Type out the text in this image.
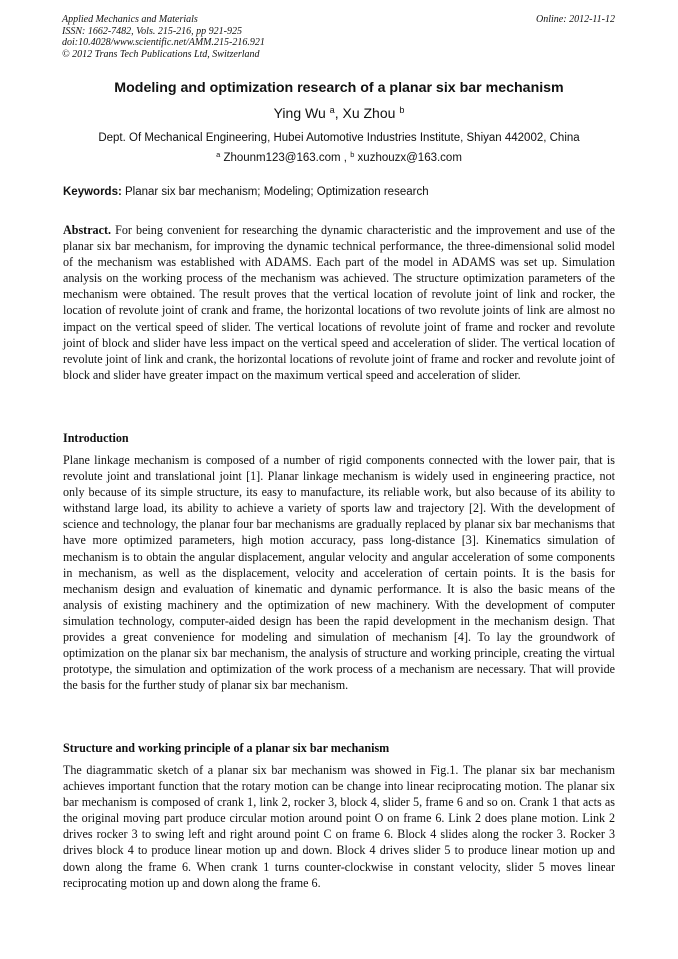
Applied Mechanics and Materials
ISSN: 1662-7482, Vols. 215-216, pp 921-925
doi:10.4028/www.scientific.net/AMM.215-216.921
© 2012 Trans Tech Publications Ltd, Switzerland
Online: 2012-11-12
Modeling and optimization research of a planar six bar mechanism
Ying Wu $^a$, Xu Zhou $^b$
Dept. Of Mechanical Engineering, Hubei Automotive Industries Institute, Shiyan 442002, China
$^a$ Zhounm123@163.com , $^b$ xuzhouzx@163.com
Keywords: Planar six bar mechanism; Modeling; Optimization research

Abstract. For being convenient for researching the dynamic characteristic and the improvement and use of the planar six bar mechanism, for improving the dynamic technical performance, the three-dimensional solid model of the mechanism was established with ADAMS. Each part of the model in ADAMS was set up. Simulation analysis on the working process of the mechanism was achieved. The structure optimization parameters of the mechanism were obtained. The result proves that the vertical location of revolute joint of link and rocker, the location of revolute joint of crank and frame, the horizontal locations of two revolute joints of link are almost no impact on the vertical speed of slider. The vertical locations of revolute joint of frame and rocker and revolute joint of block and slider have less impact on the vertical speed and acceleration of slider. The vertical location of revolute joint of link and crank, the horizontal locations of revolute joint of frame and rocker and revolute joint of block and slider have greater impact on the maximum vertical speed and acceleration of slider.

Introduction

Plane linkage mechanism is composed of a number of rigid components connected with the lower pair, that is revolute joint and translational joint [1]. Planar linkage mechanism is widely used in engineering practice, not only because of its simple structure, its easy to manufacture, its reliable work, but also because of its ability to withstand large load, its ability to achieve a variety of sports law and trajectory [2]. With the development of science and technology, the planar four bar mechanisms are gradually replaced by planar six bar mechanisms that have more optimized parameters, high motion accuracy, pass long-distance [3]. Kinematics simulation of mechanism is to obtain the angular displacement, angular velocity and angular acceleration of some components in mechanism, as well as the displacement, velocity and acceleration of certain points. It is the basis for mechanism design and evaluation of kinematic and dynamic performance. It is also the basic means of the analysis of existing machinery and the optimization of new machinery. With the development of computer simulation technology, computer-aided design has been the rapid development in the mechanism design. That provides a great convenience for modeling and simulation of mechanism [4]. To lay the groundwork of optimization on the planar six bar mechanism, the analysis of structure and working principle, creating the virtual prototype, the simulation and optimization of the work process of a mechanism are necessary. That will provide the basis for the further study of planar six bar mechanism.

Structure and working principle of a planar six bar mechanism

The diagrammatic sketch of a planar six bar mechanism was showed in Fig.1. The planar six bar mechanism achieves important function that the rotary motion can be change into linear reciprocating motion. The planar six bar mechanism is composed of crank 1, link 2, rocker 3, block 4, slider 5, frame 6 and so on. Crank 1 that acts as the original moving part produce circular motion around point O on frame 6. Link 2 does plane motion. Link 2 drives rocker 3 to swing left and right around point C on frame 6. Block 4 slides along the rocker 3. Rocker 3 drives block 4 to produce linear motion up and down. Block 4 drives slider 5 to produce linear motion up and down along the frame 6. When crank 1 turns counter-clockwise in constant velocity, slider 5 moves linear reciprocating motion up and down along the frame 6.
